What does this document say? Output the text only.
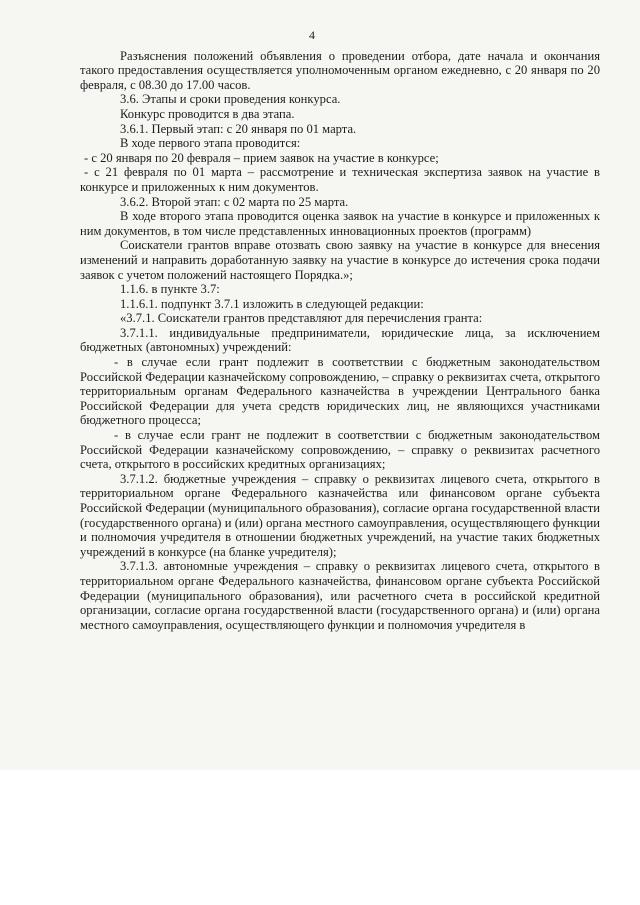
4

Разъяснения положений объявления о проведении отбора, дате начала и окончания такого предоставления осуществляется уполномоченным органом ежедневно, с 20 января по 20 февраля, с 08.30 до 17.00 часов.

3.6. Этапы и сроки проведения конкурса.

Конкурс проводится в два этапа.

3.6.1. Первый этап: с 20 января по 01 марта.

В ходе первого этапа проводится:

- с 20 января по 20 февраля – прием заявок на участие в конкурсе;

- с 21 февраля по 01 марта – рассмотрение и техническая экспертиза заявок на участие в конкурсе и приложенных к ним документов.

3.6.2. Второй этап: с 02 марта по 25 марта.

В ходе второго этапа проводится оценка заявок на участие в конкурсе и приложенных к ним документов, в том числе представленных инновационных проектов (программ)

Соискатели грантов вправе отозвать свою заявку на участие в конкурсе для внесения изменений и направить доработанную заявку на участие в конкурсе до истечения срока подачи заявок с учетом положений настоящего Порядка.»;

1.1.6. в пункте 3.7:

1.1.6.1. подпункт 3.7.1 изложить в следующей редакции:

«3.7.1. Соискатели грантов представляют для перечисления гранта:

3.7.1.1. индивидуальные предприниматели, юридические лица, за исключением бюджетных (автономных) учреждений:

- в случае если грант подлежит в соответствии с бюджетным законодательством Российской Федерации казначейскому сопровождению, – справку о реквизитах счета, открытого территориальным органам Федерального казначейства в учреждении Центрального банка Российской Федерации для учета средств юридических лиц, не являющихся участниками бюджетного процесса;

- в случае если грант не подлежит в соответствии с бюджетным законодательством Российской Федерации казначейскому сопровождению, – справку о реквизитах расчетного счета, открытого в российских кредитных организациях;

3.7.1.2. бюджетные учреждения – справку о реквизитах лицевого счета, открытого в территориальном органе Федерального казначейства или финансовом органе субъекта Российской Федерации (муниципального образования), согласие органа государственной власти (государственного органа) и (или) органа местного самоуправления, осуществляющего функции и полномочия учредителя в отношении бюджетных учреждений, на участие таких бюджетных учреждений в конкурсе (на бланке учредителя);

3.7.1.3. автономные учреждения – справку о реквизитах лицевого счета, открытого в территориальном органе Федерального казначейства, финансовом органе субъекта Российской Федерации (муниципального образования), или расчетного счета в российской кредитной организации, согласие органа государственной власти (государственного органа) и (или) органа местного самоуправления, осуществляющего функции и полномочия учредителя в
